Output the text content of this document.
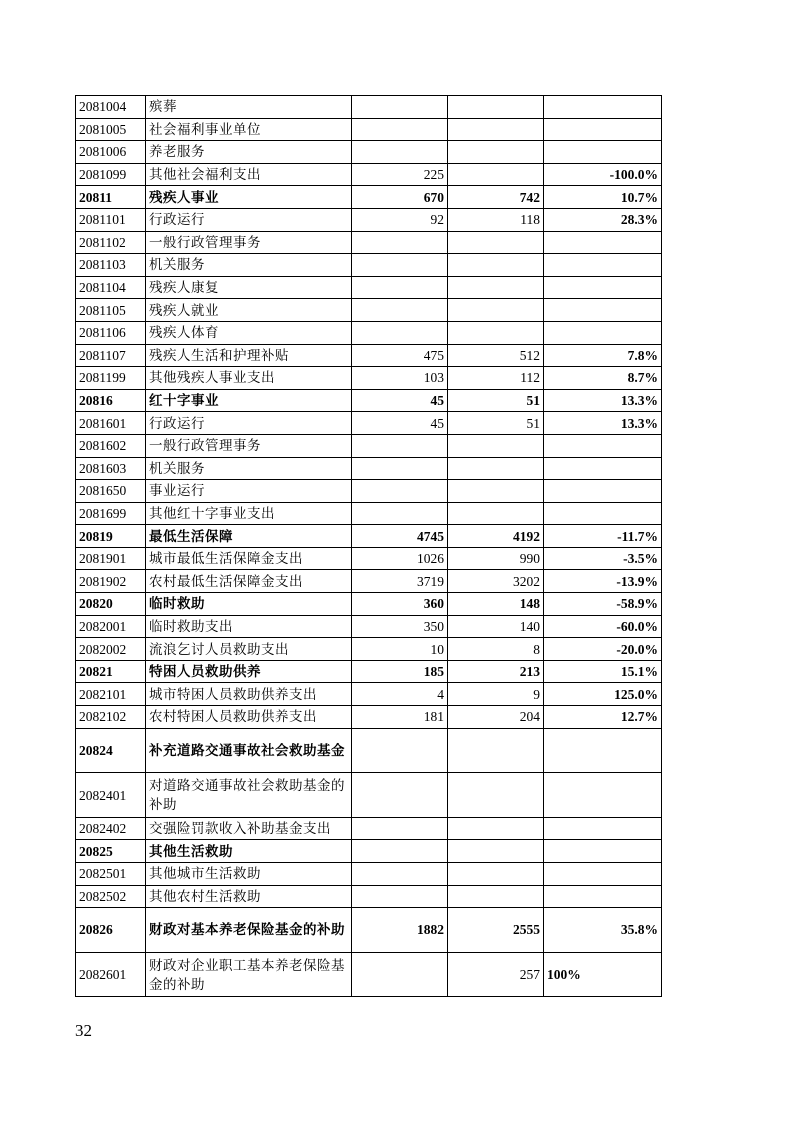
2081004	殡葬			
2081005	社会福利事业单位			
2081006	养老服务			
2081099	其他社会福利支出	225		-100.0%
20811	残疾人事业	670	742	10.7%
2081101	行政运行	92	118	28.3%
2081102	一般行政管理事务			
2081103	机关服务			
2081104	残疾人康复			
2081105	残疾人就业			
2081106	残疾人体育			
2081107	残疾人生活和护理补贴	475	512	7.8%
2081199	其他残疾人事业支出	103	112	8.7%
20816	红十字事业	45	51	13.3%
2081601	行政运行	45	51	13.3%
2081602	一般行政管理事务			
2081603	机关服务			
2081650	事业运行			
2081699	其他红十字事业支出			
20819	最低生活保障	4745	4192	-11.7%
2081901	城市最低生活保障金支出	1026	990	-3.5%
2081902	农村最低生活保障金支出	3719	3202	-13.9%
20820	临时救助	360	148	-58.9%
2082001	临时救助支出	350	140	-60.0%
2082002	流浪乞讨人员救助支出	10	8	-20.0%
20821	特困人员救助供养	185	213	15.1%
2082101	城市特困人员救助供养支出	4	9	125.0%
2082102	农村特困人员救助供养支出	181	204	12.7%
20824	补充道路交通事故社会救助基金			
2082401	对道路交通事故社会救助基金的补助			
2082402	交强险罚款收入补助基金支出			
20825	其他生活救助			
2082501	其他城市生活救助			
2082502	其他农村生活救助			
20826	财政对基本养老保险基金的补助	1882	2555	35.8%
2082601	财政对企业职工基本养老保险基金的补助		257	100%
32
